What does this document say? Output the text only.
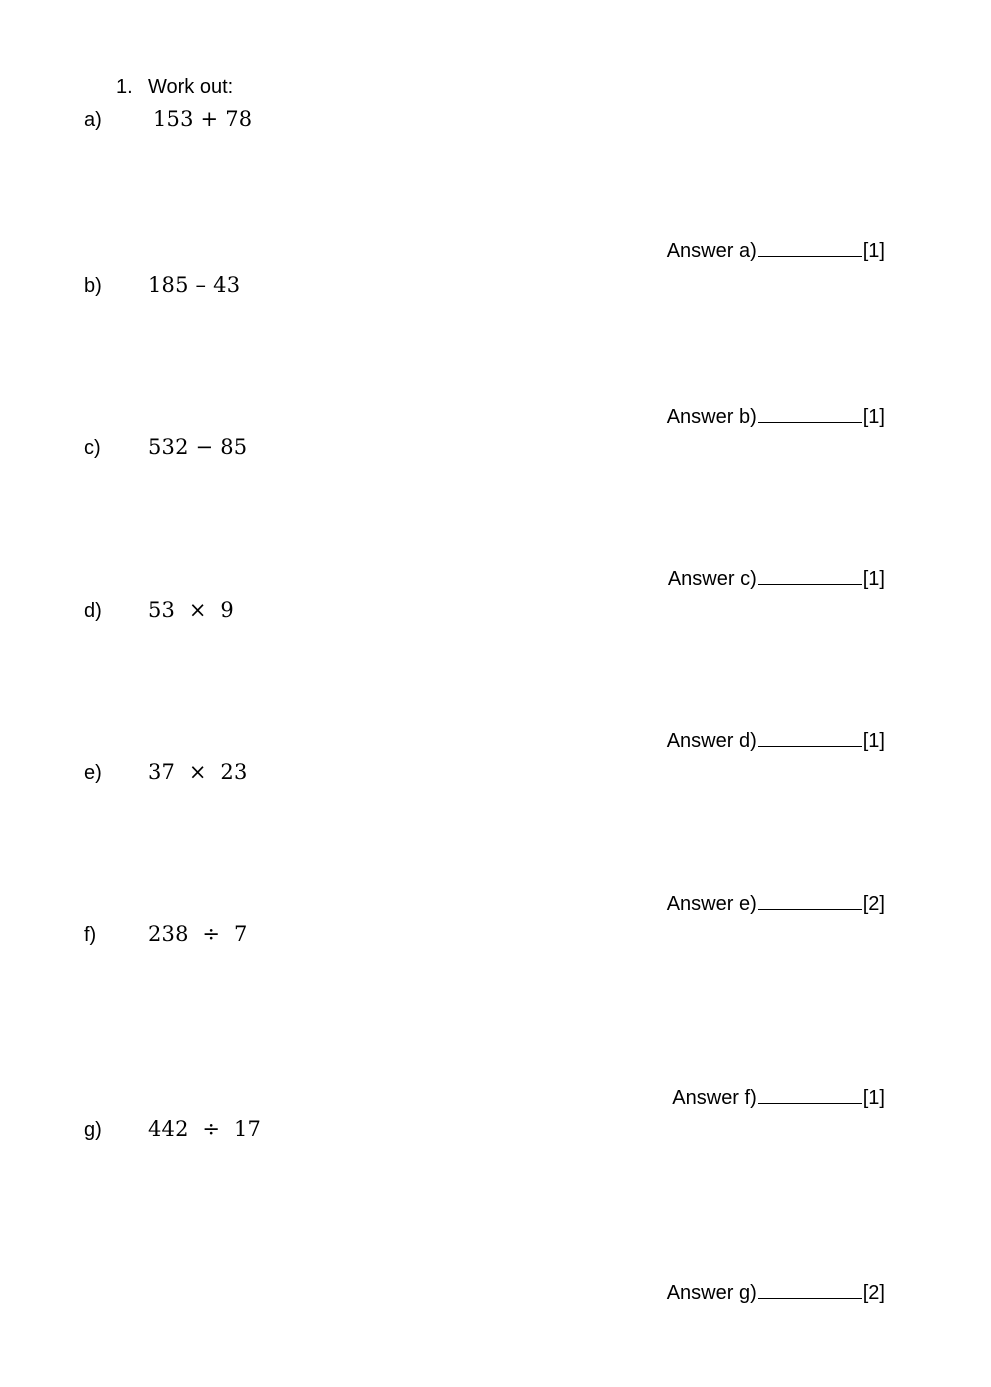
1. Work out:
a) 153 + 78
Answer a)	[1]
b) 185 – 43
Answer b)	[1]
c) 532 − 85
Answer c)	[1]
d) 53  ×  9
Answer d)	[1]
e) 37  ×  23
Answer e)	[2]
f) 238  ÷  7
Answer f)	[1]
g) 442  ÷  17
Answer g)	[2]
